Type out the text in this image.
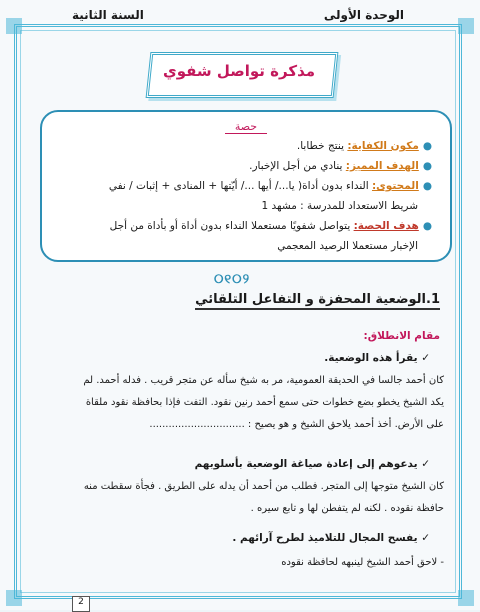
الوحدة الأولى
السنة الثانية
مذكرة تواصل شفوي
حصة
●مكون الكفاية: ينتج خطابا.
●الهدف المميز: ينادي من أجل الإخبار.
●المحتوى: النداء بدون أداة( يا.../ أيها .../ أيّتها + المنادى + إثبات / نفي
شريط الاستعداد للمدرسة : مشهد 1
●هدف الحصة: يتواصل شفويًا مستعملا النداء بدون أداة أو بأداة من أجل
الإخبار مستعملا الرصيد المعجمي
୦୧୦୨
1.الوضعية المحفزة و التفاعل التلقائي
مقام الانطلاق:
✓ يقرأ هذه الوضعية.
كان أحمد جالسا في الحديقة العمومية، مر به شيخ سأله عن متجر قريب . فدله أحمد. لم
يكد الشيخ يخطو بضع خطوات حتى سمع أحمد رنين نقود. التفت فإذا بحافظة نقود ملقاة
على الأرض. أخذ أحمد يلاحق الشيخ و هو يصيح : ..............................
✓ يدعوهم إلى إعادة صياغة الوضعية بأسلوبهم
كان الشيخ متوجها إلى المتجر. فطلب من أحمد أن يدله على الطريق . فجأة سقطت منه
حافظة نقوده . لكنه لم يتفطن لها و تابع سيره .
✓ يفسح المجال للتلاميذ لطرح آرائهم .
- لاحق أحمد الشيخ لينبهه لحافظة نقوده
2
